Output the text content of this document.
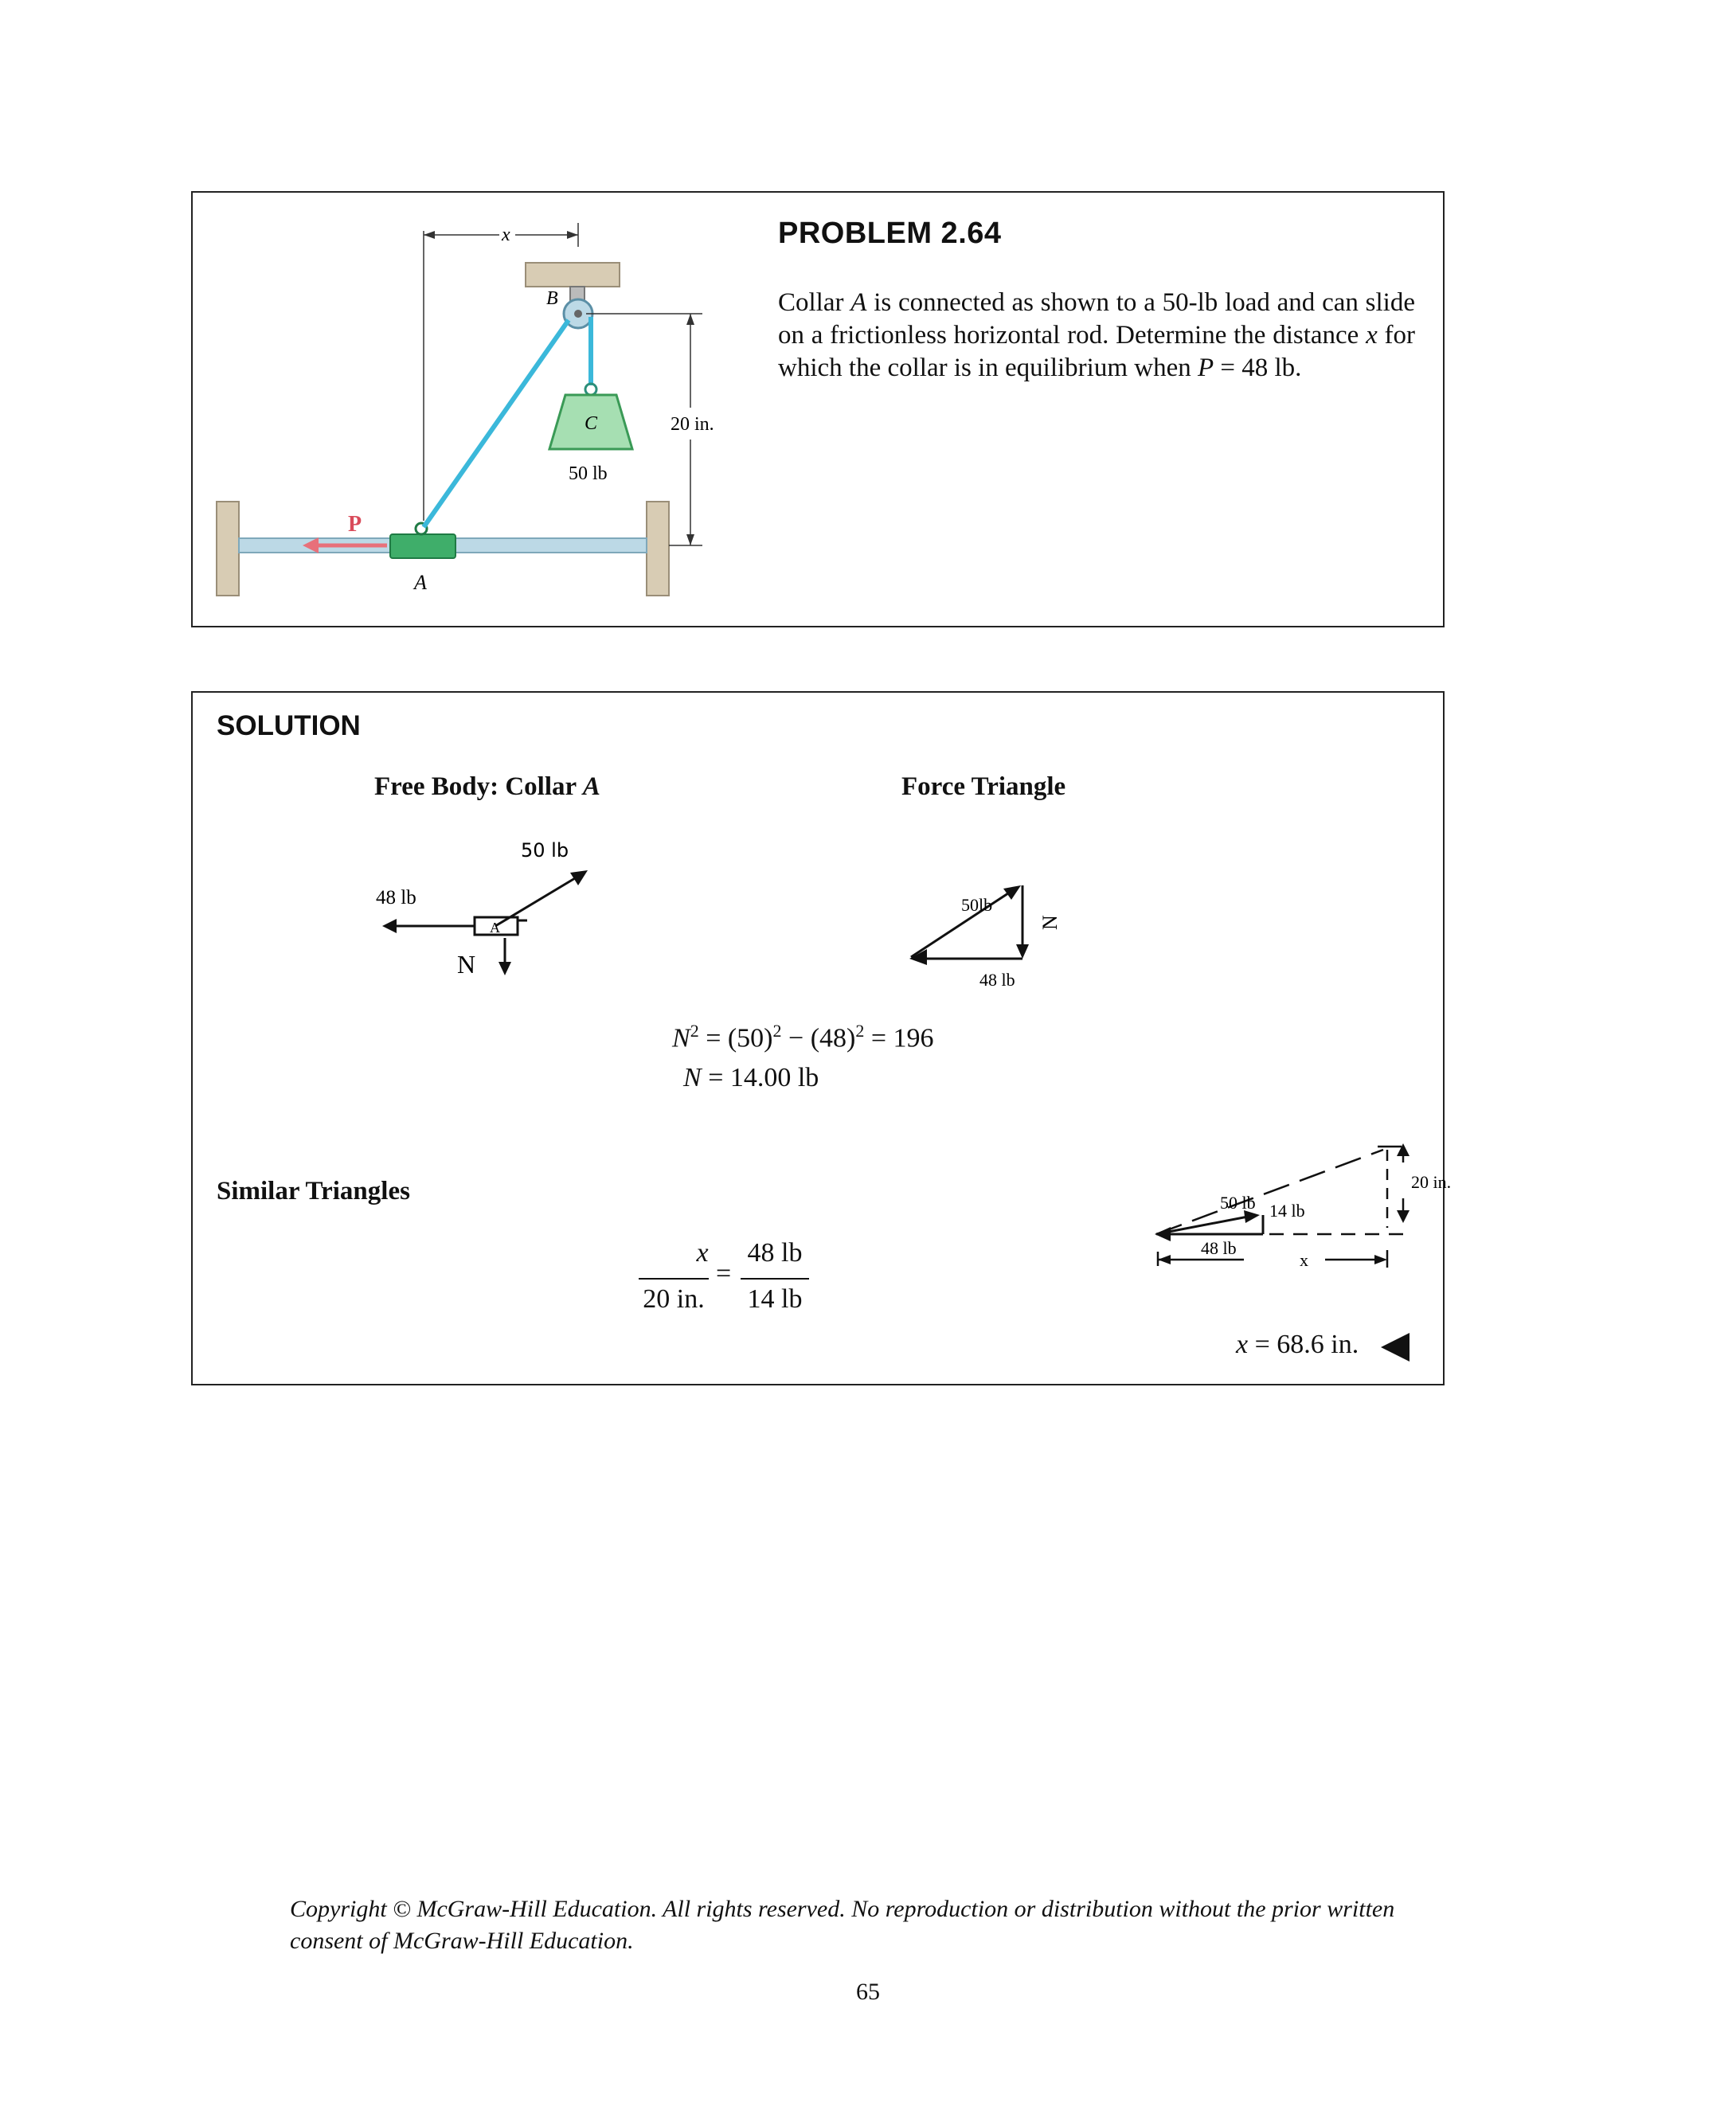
P
A
B
C
50 lb
x
20 in.
PROBLEM 2.64
Collar A is connected as shown to a 50-lb load and can slide on a frictionless horizontal rod. Determine the distance x for which the collar is in equilibrium when P = 48 lb.
SOLUTION
Free Body: Collar A	Force Triangle
50 lb
48 lb
A
N
50lb
48 lb
N
$N^2 = (50)^2 - (48)^2 = 196$
N = 14.00 lb
Similar Triangles	50 lb 14 lb
48 lb
x
20 in.
x
20 in.
=
48 lb
14 lb
x = 68.6 in.
Copyright © McGraw-Hill Education. All rights reserved. No reproduction or distribution without the prior written consent of McGraw-Hill Education.
65
